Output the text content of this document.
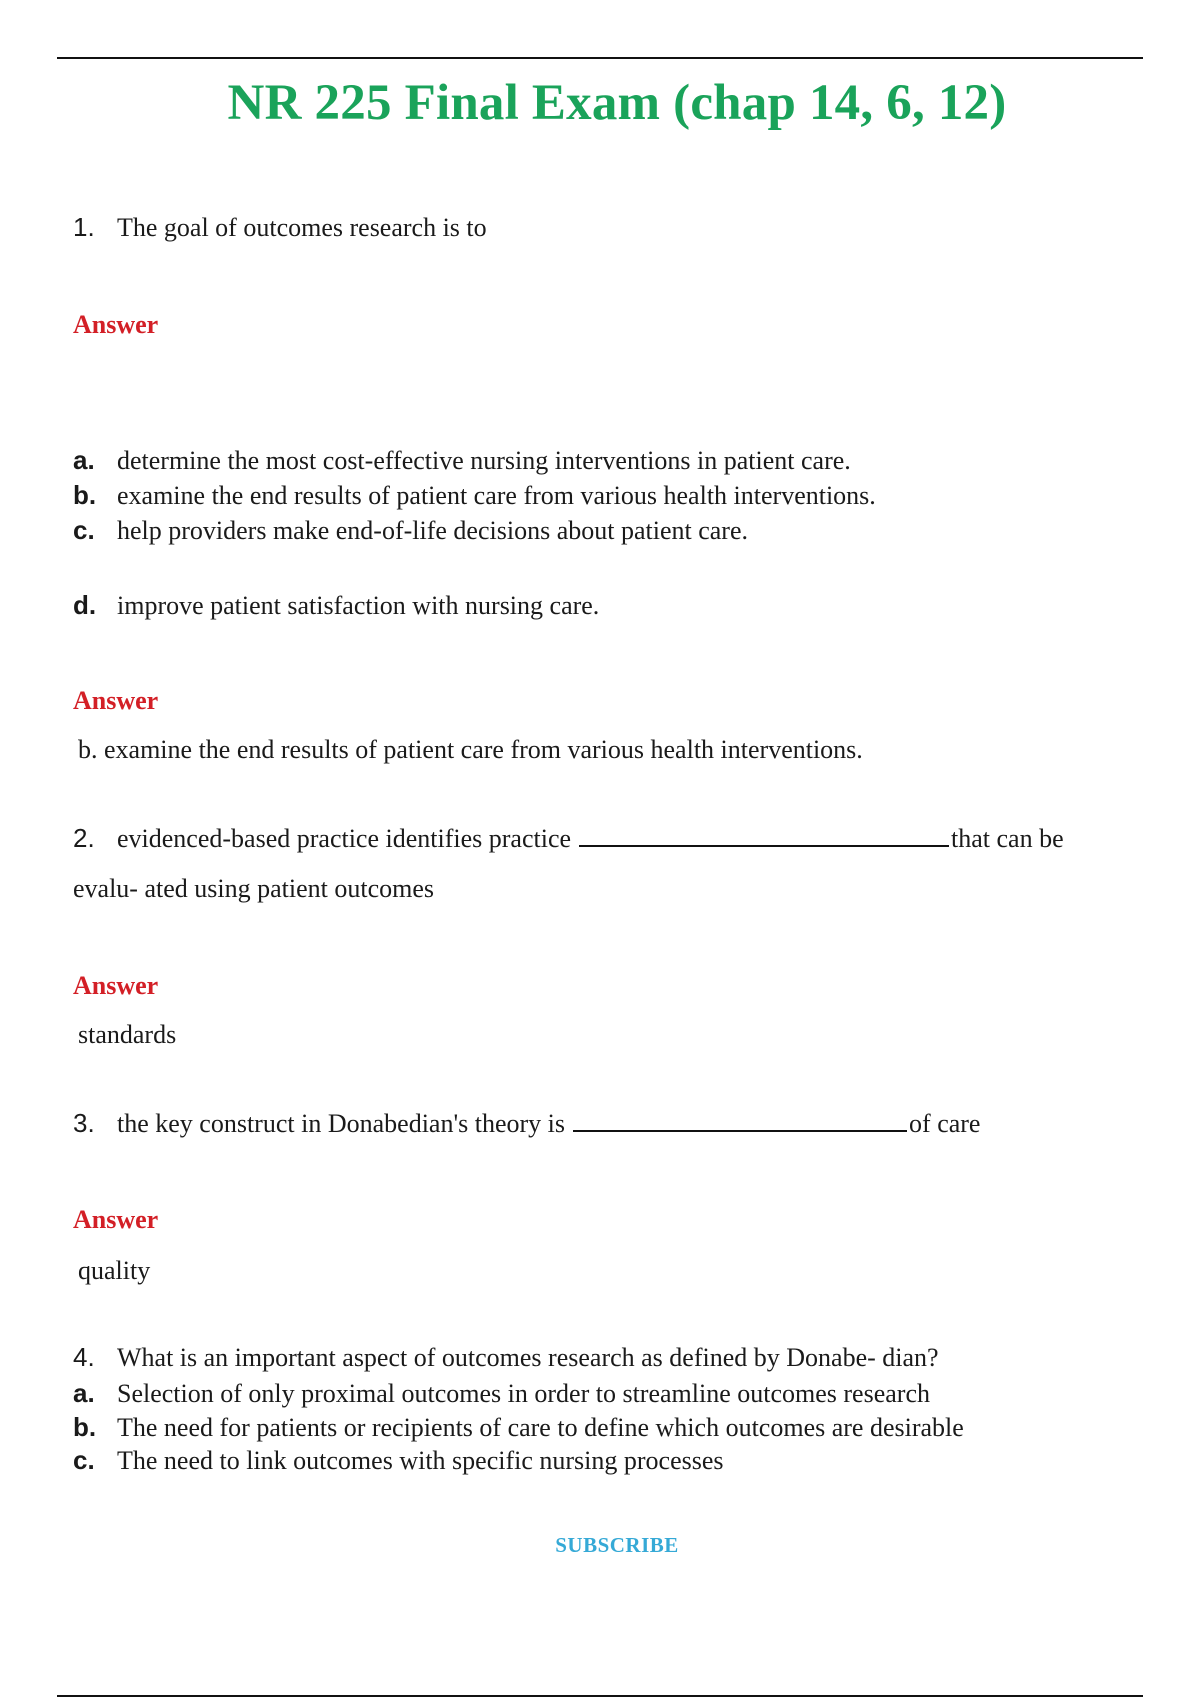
NR 225 Final Exam (chap 14, 6, 12)
1. The goal of outcomes research is to
Answer
a. determine the most cost-effective nursing interventions in patient care.
b. examine the end results of patient care from various health interventions.
c. help providers make end-of-life decisions about patient care.
d. improve patient satisfaction with nursing care.
Answer
b. examine the end results of patient care from various health interventions.
2. evidenced-based practice identifies practice	that can be
evalu- ated using patient outcomes
Answer
standards
3. the key construct in Donabedian's theory is	of care
Answer
quality
4. What is an important aspect of outcomes research as defined by Donabe- dian?
a. Selection of only proximal outcomes in order to streamline outcomes research
b. The need for patients or recipients of care to define which outcomes are desirable
c. The need to link outcomes with specific nursing processes
SUBSCRIBE
